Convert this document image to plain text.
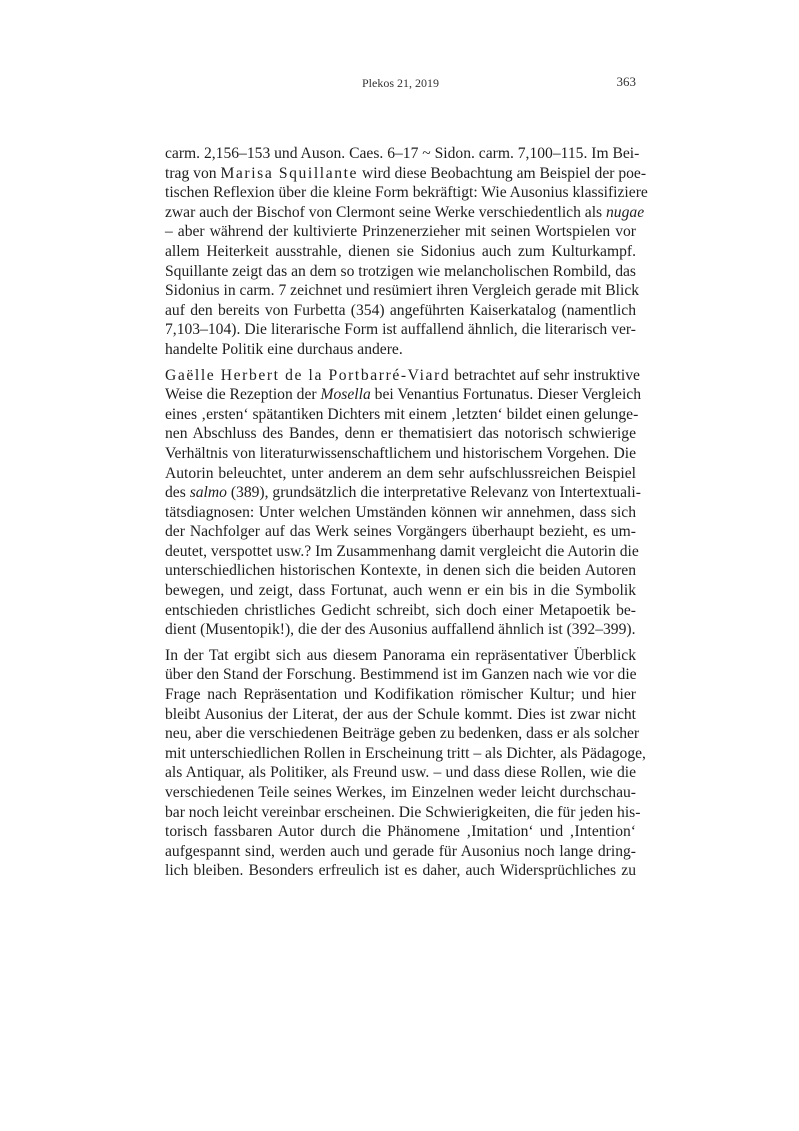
Plekos 21, 2019	363
carm. 2,156–153 und Auson. Caes. 6–17 ~ Sidon. carm. 7,100–115. Im Bei-
trag von Marisa Squillante wird diese Beobachtung am Beispiel der poe-
tischen Reflexion über die kleine Form bekräftigt: Wie Ausonius klassifiziere
zwar auch der Bischof von Clermont seine Werke verschiedentlich als nugae
– aber während der kultivierte Prinzenerzieher mit seinen Wortspielen vor
allem Heiterkeit ausstrahle, dienen sie Sidonius auch zum Kulturkampf.
Squillante zeigt das an dem so trotzigen wie melancholischen Rombild, das
Sidonius in carm. 7 zeichnet und resümiert ihren Vergleich gerade mit Blick
auf den bereits von Furbetta (354) angeführten Kaiserkatalog (namentlich
7,103–104). Die literarische Form ist auffallend ähnlich, die literarisch ver-
handelte Politik eine durchaus andere.
Gaëlle Herbert de la Portbarré-Viard betrachtet auf sehr instruktive
Weise die Rezeption der Mosella bei Venantius Fortunatus. Dieser Vergleich
eines ‚ersten‘ spätantiken Dichters mit einem ‚letzten‘ bildet einen gelunge-
nen Abschluss des Bandes, denn er thematisiert das notorisch schwierige
Verhältnis von literaturwissenschaftlichem und historischem Vorgehen. Die
Autorin beleuchtet, unter anderem an dem sehr aufschlussreichen Beispiel
des salmo (389), grundsätzlich die interpretative Relevanz von Intertextuali-
tätsdiagnosen: Unter welchen Umständen können wir annehmen, dass sich
der Nachfolger auf das Werk seines Vorgängers überhaupt bezieht, es um-
deutet, verspottet usw.? Im Zusammenhang damit vergleicht die Autorin die
unterschiedlichen historischen Kontexte, in denen sich die beiden Autoren
bewegen, und zeigt, dass Fortunat, auch wenn er ein bis in die Symbolik
entschieden christliches Gedicht schreibt, sich doch einer Metapoetik be-
dient (Musentopik!), die der des Ausonius auffallend ähnlich ist (392–399).
In der Tat ergibt sich aus diesem Panorama ein repräsentativer Überblick
über den Stand der Forschung. Bestimmend ist im Ganzen nach wie vor die
Frage nach Repräsentation und Kodifikation römischer Kultur; und hier
bleibt Ausonius der Literat, der aus der Schule kommt. Dies ist zwar nicht
neu, aber die verschiedenen Beiträge geben zu bedenken, dass er als solcher
mit unterschiedlichen Rollen in Erscheinung tritt – als Dichter, als Pädagoge,
als Antiquar, als Politiker, als Freund usw. – und dass diese Rollen, wie die
verschiedenen Teile seines Werkes, im Einzelnen weder leicht durchschau-
bar noch leicht vereinbar erscheinen. Die Schwierigkeiten, die für jeden his-
torisch fassbaren Autor durch die Phänomene ‚Imitation‘ und ‚Intention‘
aufgespannt sind, werden auch und gerade für Ausonius noch lange dring-
lich bleiben. Besonders erfreulich ist es daher, auch Widersprüchliches zu
